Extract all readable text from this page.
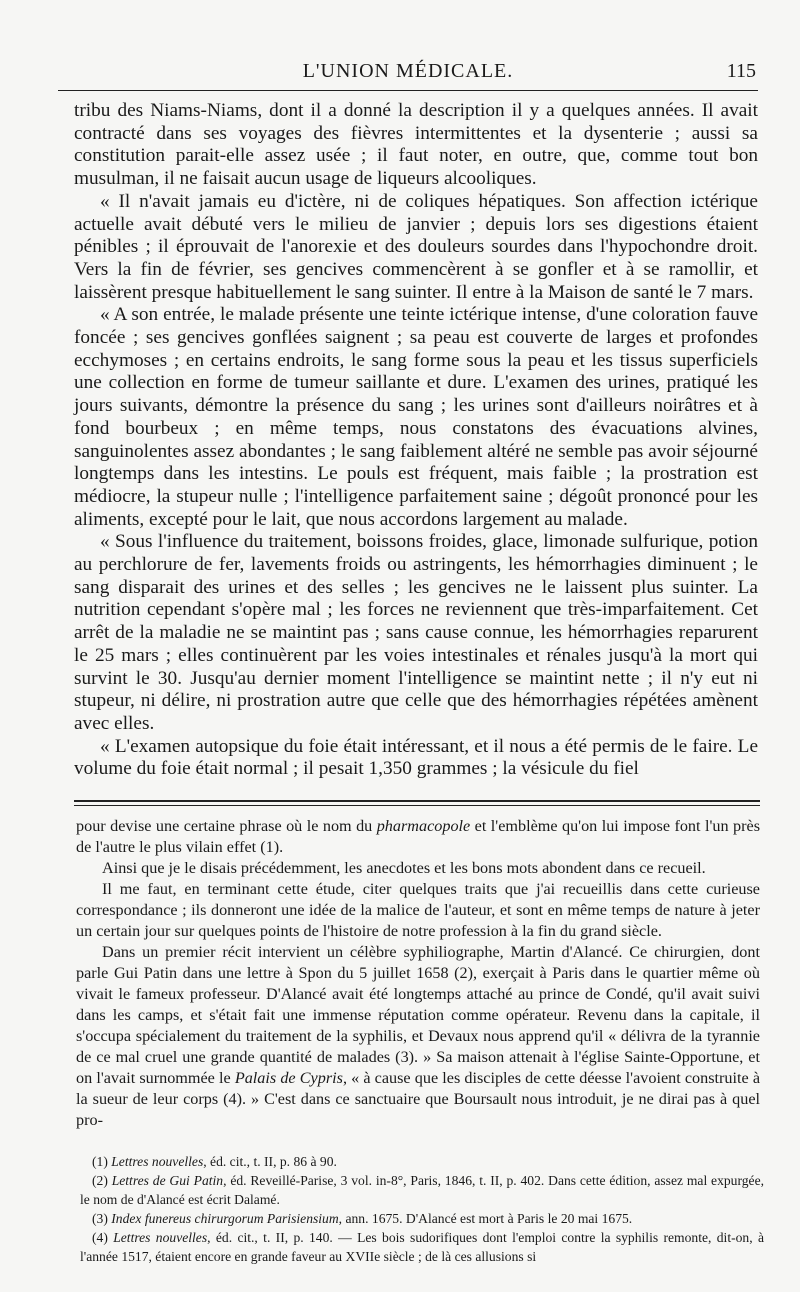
L'UNION MÉDICALE.	115

tribu des Niams-Niams, dont il a donné la description il y a quelques années. Il avait contracté dans ses voyages des fièvres intermittentes et la dysenterie ; aussi sa constitution parait-elle assez usée ; il faut noter, en outre, que, comme tout bon musulman, il ne faisait aucun usage de liqueurs alcooliques.

« Il n'avait jamais eu d'ictère, ni de coliques hépatiques. Son affection ictérique actuelle avait débuté vers le milieu de janvier ; depuis lors ses digestions étaient pénibles ; il éprouvait de l'anorexie et des douleurs sourdes dans l'hypochondre droit. Vers la fin de février, ses gencives commencèrent à se gonfler et à se ramollir, et laissèrent presque habituellement le sang suinter. Il entre à la Maison de santé le 7 mars.

« A son entrée, le malade présente une teinte ictérique intense, d'une coloration fauve foncée ; ses gencives gonflées saignent ; sa peau est couverte de larges et profondes ecchymoses ; en certains endroits, le sang forme sous la peau et les tissus superficiels une collection en forme de tumeur saillante et dure. L'examen des urines, pratiqué les jours suivants, démontre la présence du sang ; les urines sont d'ailleurs noirâtres et à fond bourbeux ; en même temps, nous constatons des évacuations alvines, sanguinolentes assez abondantes ; le sang faiblement altéré ne semble pas avoir séjourné longtemps dans les intestins. Le pouls est fréquent, mais faible ; la prostration est médiocre, la stupeur nulle ; l'intelligence parfaitement saine ; dégoût prononcé pour les aliments, excepté pour le lait, que nous accordons largement au malade.

« Sous l'influence du traitement, boissons froides, glace, limonade sulfurique, potion au perchlorure de fer, lavements froids ou astringents, les hémorrhagies diminuent ; le sang disparait des urines et des selles ; les gencives ne le laissent plus suinter. La nutrition cependant s'opère mal ; les forces ne reviennent que très-imparfaitement. Cet arrêt de la maladie ne se maintint pas ; sans cause connue, les hémorrhagies reparurent le 25 mars ; elles continuèrent par les voies intestinales et rénales jusqu'à la mort qui survint le 30. Jusqu'au dernier moment l'intelligence se maintint nette ; il n'y eut ni stupeur, ni délire, ni prostration autre que celle que des hémorrhagies répétées amènent avec elles.

« L'examen autopsique du foie était intéressant, et il nous a été permis de le faire. Le volume du foie était normal ; il pesait 1,350 grammes ; la vésicule du fiel

pour devise une certaine phrase où le nom du pharmacopole et l'emblème qu'on lui impose font l'un près de l'autre le plus vilain effet (1).

Ainsi que je le disais précédemment, les anecdotes et les bons mots abondent dans ce recueil.

Il me faut, en terminant cette étude, citer quelques traits que j'ai recueillis dans cette curieuse correspondance ; ils donneront une idée de la malice de l'auteur, et sont en même temps de nature à jeter un certain jour sur quelques points de l'histoire de notre profession à la fin du grand siècle.

Dans un premier récit intervient un célèbre syphiliographe, Martin d'Alancé. Ce chirurgien, dont parle Gui Patin dans une lettre à Spon du 5 juillet 1658 (2), exerçait à Paris dans le quartier même où vivait le fameux professeur. D'Alancé avait été longtemps attaché au prince de Condé, qu'il avait suivi dans les camps, et s'était fait une immense réputation comme opérateur. Revenu dans la capitale, il s'occupa spécialement du traitement de la syphilis, et Devaux nous apprend qu'il « délivra de la tyrannie de ce mal cruel une grande quantité de malades (3). » Sa maison attenait à l'église Sainte-Opportune, et on l'avait surnommée le Palais de Cypris, « à cause que les disciples de cette déesse l'avoient construite à la sueur de leur corps (4). » C'est dans ce sanctuaire que Boursault nous introduit, je ne dirai pas à quel pro-

(1) Lettres nouvelles, éd. cit., t. II, p. 86 à 90.

(2) Lettres de Gui Patin, éd. Reveillé-Parise, 3 vol. in-8°, Paris, 1846, t. II, p. 402. Dans cette édition, assez mal expurgée, le nom de d'Alancé est écrit Dalamé.

(3) Index funereus chirurgorum Parisiensium, ann. 1675. D'Alancé est mort à Paris le 20 mai 1675.

(4) Lettres nouvelles, éd. cit., t. II, p. 140. — Les bois sudorifiques dont l'emploi contre la syphilis remonte, dit-on, à l'année 1517, étaient encore en grande faveur au XVIIe siècle ; de là ces allusions si
